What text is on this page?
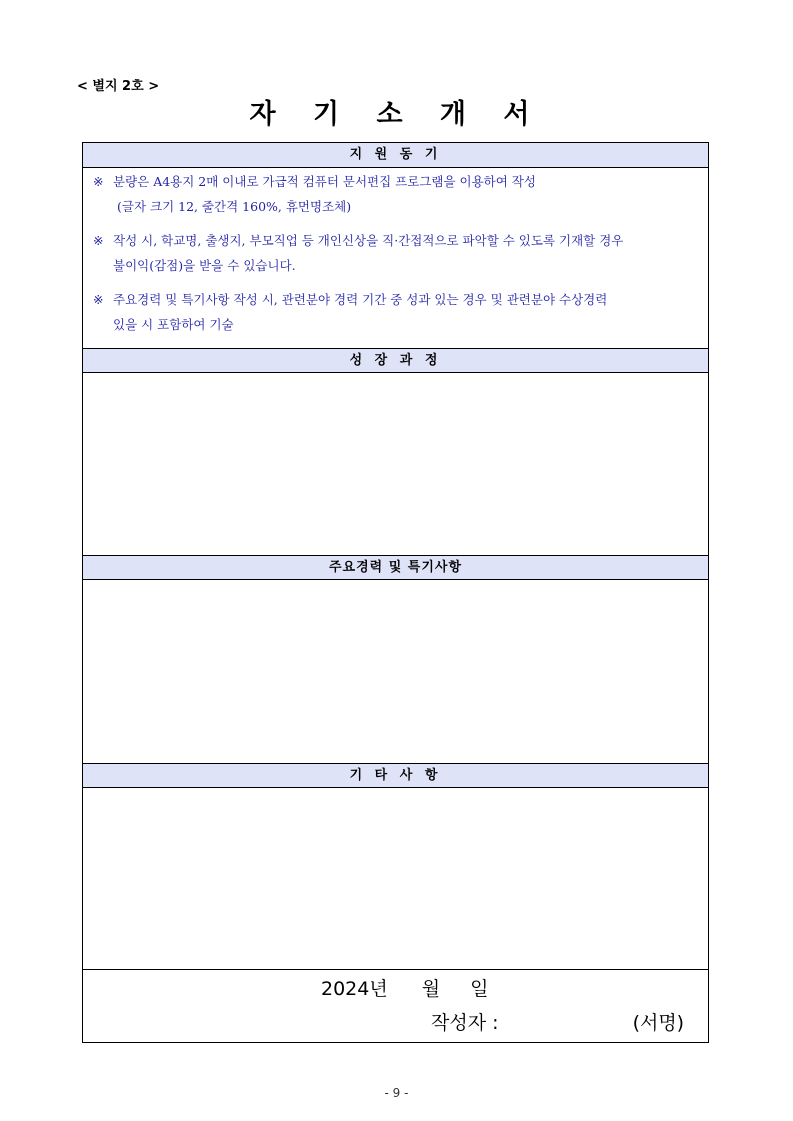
< 별지 2호 >
자 기 소 개 서
지 원 동 기
※ 분량은 A4용지 2매 이내로 가급적 컴퓨터 문서편집 프로그램을 이용하여 작성
(글자 크기 12, 줄간격 160%, 휴먼명조체)
※ 작성 시, 학교명, 출생지, 부모직업 등 개인신상을 직·간접적으로 파악할 수 있도록 기재할 경우
불이익(감점)을 받을 수 있습니다.
※ 주요경력 및 특기사항 작성 시, 관련분야 경력 기간 중 성과 있는 경우 및 관련분야 수상경력
있을 시 포함하여 기술
성 장 과 정
주요경력 및 특기사항
기 타 사 항
2024년 월 일
작성자 :	(서명)
- 9 -
